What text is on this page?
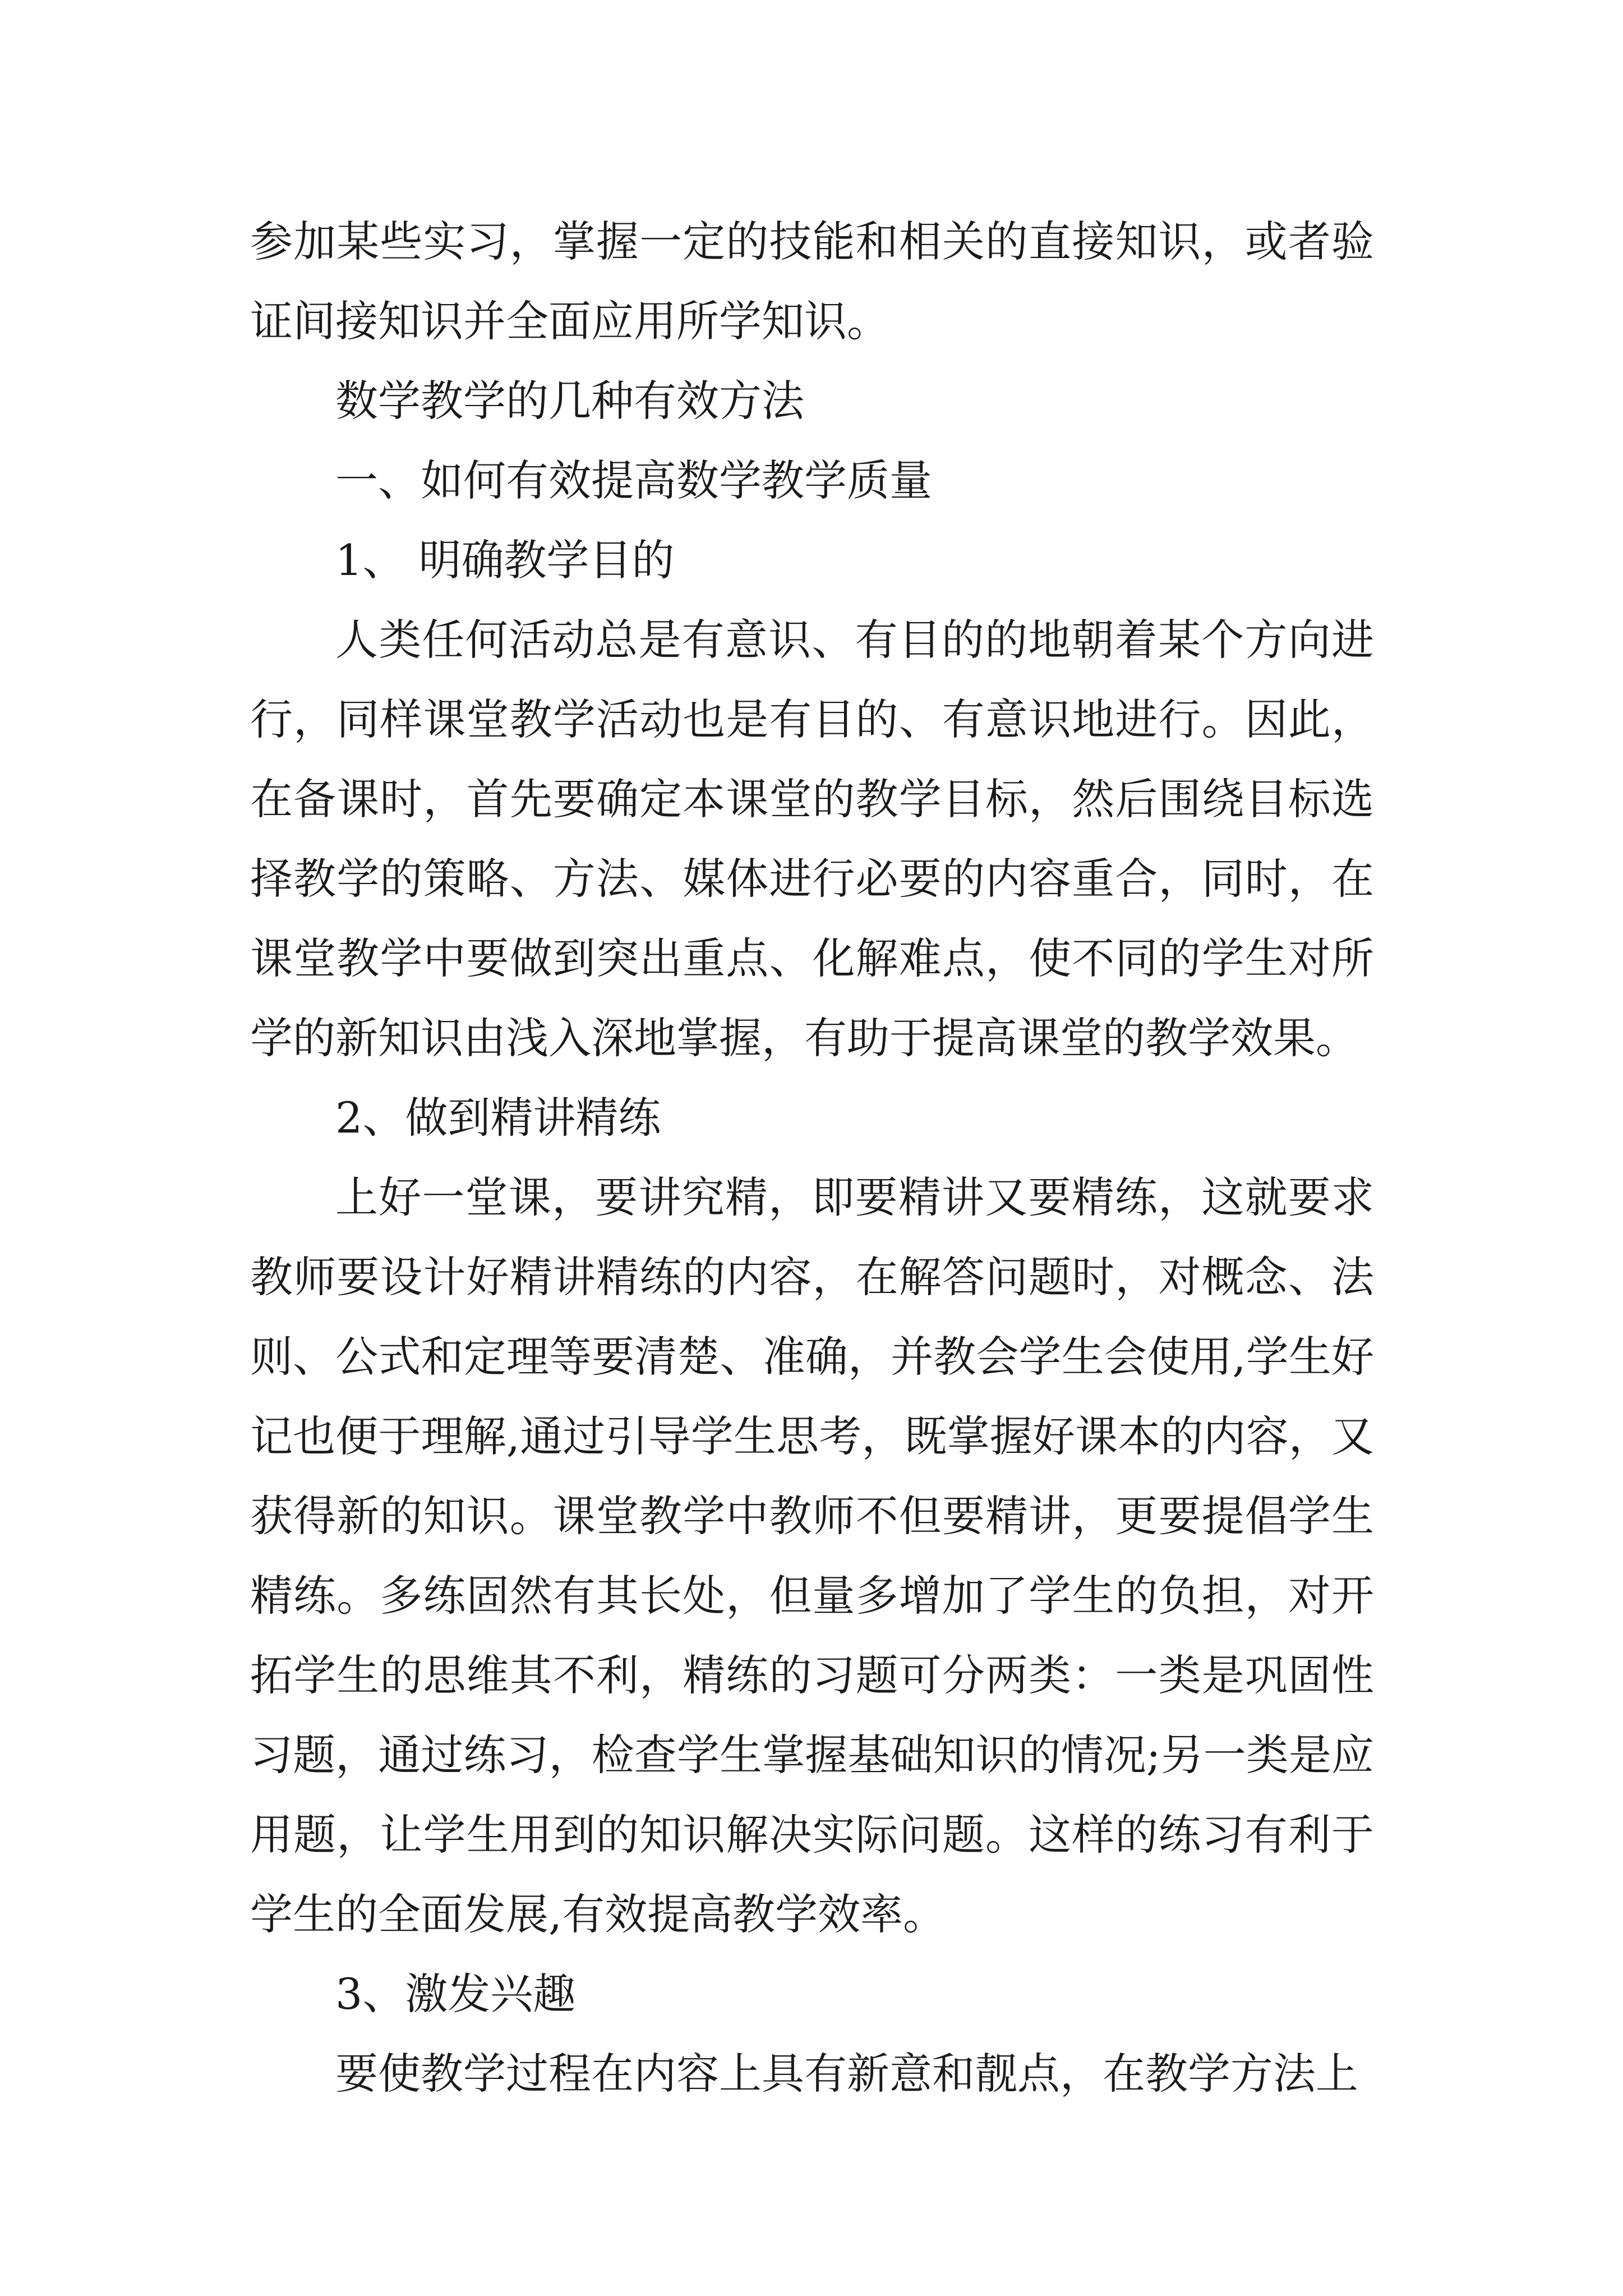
参加某些实习，掌握一定的技能和相关的直接知识，或者验证间接知识并全面应用所学知识。

数学教学的几种有效方法

一、如何有效提高数学教学质量

1、 明确教学目的

人类任何活动总是有意识、有目的的地朝着某个方向进行，同样课堂教学活动也是有目的、有意识地进行。因此，在备课时，首先要确定本课堂的教学目标，然后围绕目标选择教学的策略、方法、媒体进行必要的内容重合，同时，在课堂教学中要做到突出重点、化解难点，使不同的学生对所学的新知识由浅入深地掌握，有助于提高课堂的教学效果。

2、做到精讲精练

上好一堂课，要讲究精，即要精讲又要精练，这就要求教师要设计好精讲精练的内容，在解答问题时，对概念、法则、公式和定理等要清楚、准确，并教会学生会使用,学生好记也便于理解,通过引导学生思考，既掌握好课本的内容，又获得新的知识。课堂教学中教师不但要精讲，更要提倡学生精练。多练固然有其长处，但量多增加了学生的负担，对开拓学生的思维其不利，精练的习题可分两类：一类是巩固性习题，通过练习，检查学生掌握基础知识的情况;另一类是应用题，让学生用到的知识解决实际问题。这样的练习有利于学生的全面发展,有效提高教学效率。

3、激发兴趣

要使教学过程在内容上具有新意和靓点，在教学方法上
